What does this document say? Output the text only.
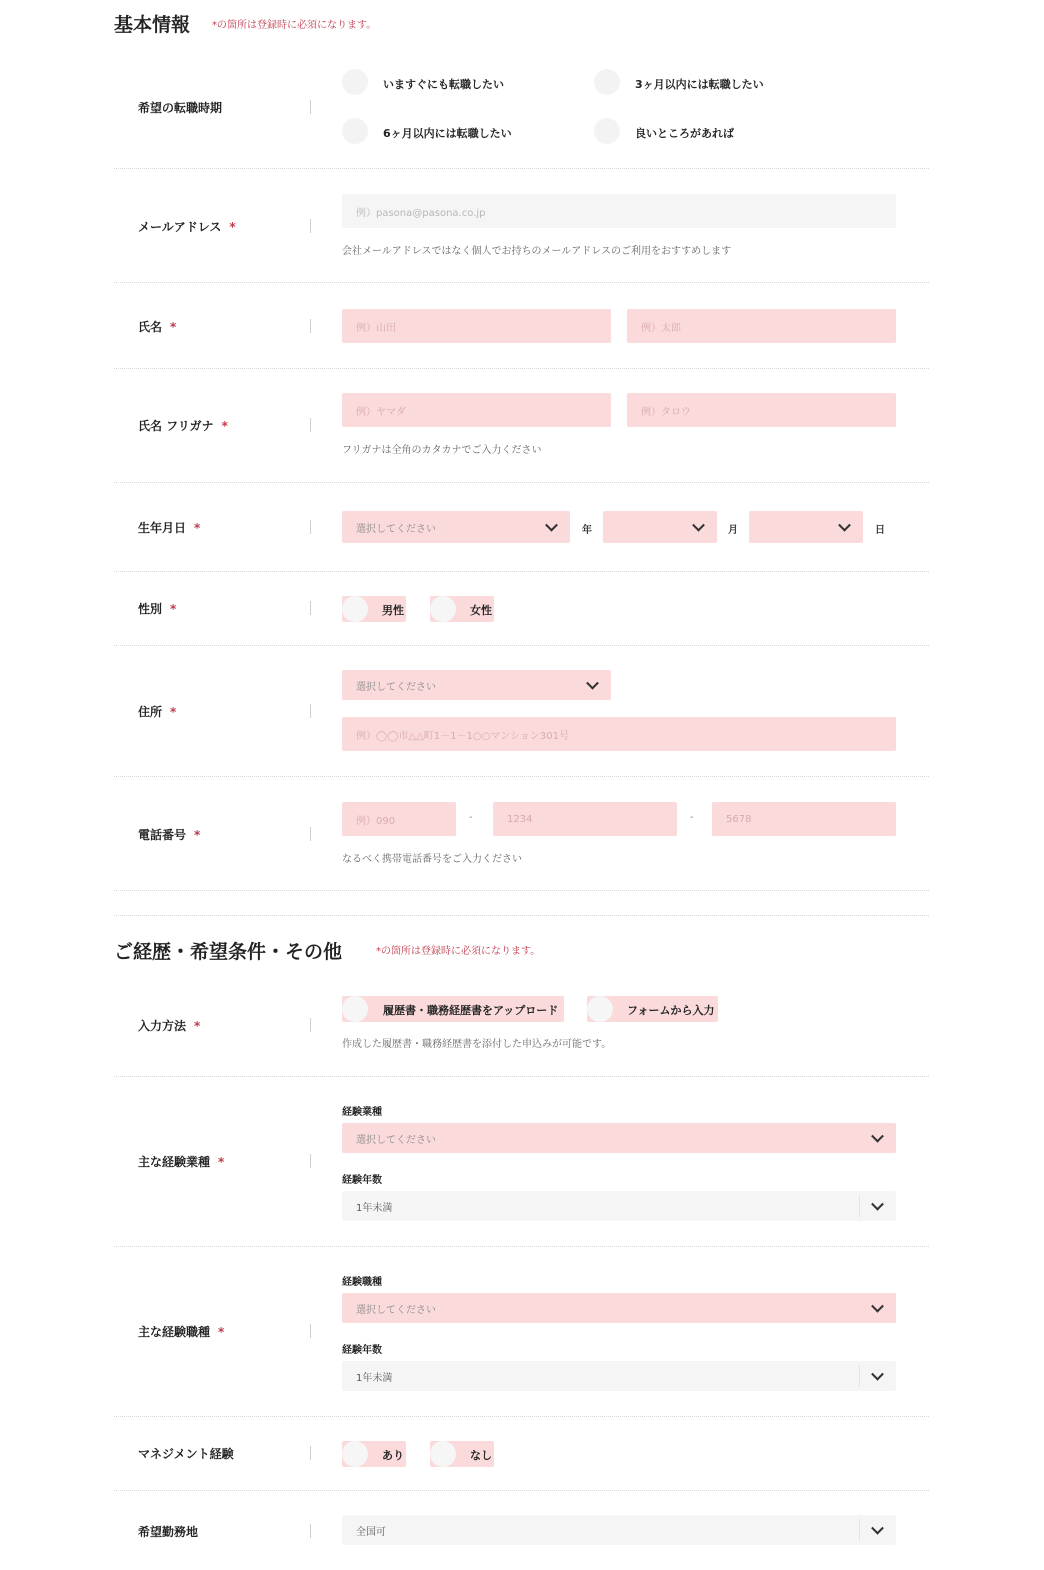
基本情報 *の箇所は登録時に必須になります。
希望の転職時期
いますぐにも転職したい	3ヶ月以内には転職したい
6ヶ月以内には転職したい	良いところがあれば
メールアドレス *
例）pasona@pasona.co.jp
会社メールアドレスではなく個人でお持ちのメールアドレスのご利用をおすすめします
氏名 *	例）山田	例）太郎
氏名 フリガナ *
例）ヤマダ	例）タロウ
フリガナは全角のカタカナでご入力ください
生年月日 *	選択してください	年	月	日
性別 *	男性	女性
住所 *
選択してください
例）◯◯市△△町1－1－1○○マンション301号
電話番号 *
例）090	-	1234	-	5678
なるべく携帯電話番号をご入力ください
ご経歴・希望条件・その他	*の箇所は登録時に必須になります。
入力方法 *
履歴書・職務経歴書をアップロード	フォームから入力
作成した履歴書・職務経歴書を添付した申込みが可能です。
主な経験業種 *
経験業種
選択してください
経験年数
1年未満
主な経験職種 *
経験職種
選択してください
経験年数
1年未満
マネジメント経験	あり	なし
希望勤務地	全国可
